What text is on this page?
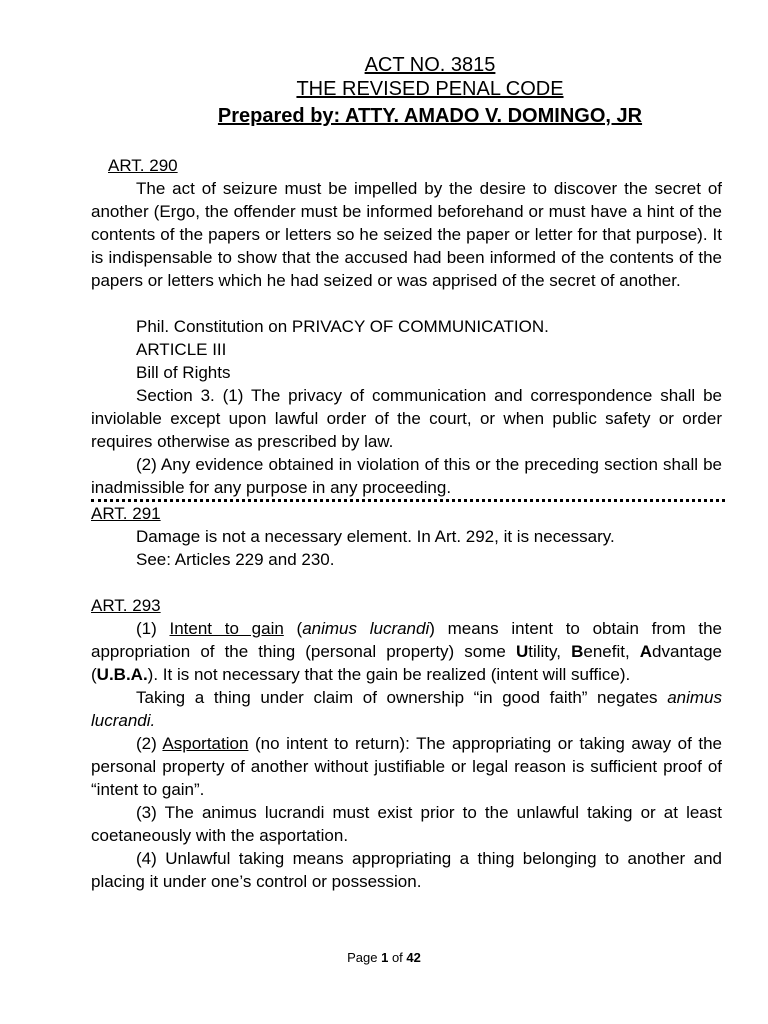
ACT NO. 3815
THE REVISED PENAL CODE
Prepared by: ATTY. AMADO V. DOMINGO, JR

ART. 290

The act of seizure must be impelled by the desire to discover the secret of another (Ergo, the offender must be informed beforehand or must have a hint of the contents of the papers or letters so he seized the paper or letter for that purpose). It is indispensable to show that the accused had been informed of the contents of the papers or letters which he had seized or was apprised of the secret of another.

Phil. Constitution on PRIVACY OF COMMUNICATION.

ARTICLE III

Bill of Rights

Section 3. (1) The privacy of communication and correspondence shall be inviolable except upon lawful order of the court, or when public safety or order requires otherwise as prescribed by law.

(2) Any evidence obtained in violation of this or the preceding section shall be inadmissible for any purpose in any proceeding.

ART. 291

Damage is not a necessary element. In Art. 292, it is necessary.

See: Articles 229 and 230.

ART. 293

(1) Intent to gain (animus lucrandi) means intent to obtain from the appropriation of the thing (personal property) some Utility, Benefit, Advantage (U.B.A.). It is not necessary that the gain be realized (intent will suffice).

Taking a thing under claim of ownership “in good faith” negates animus lucrandi.

(2) Asportation (no intent to return): The appropriating or taking away of the personal property of another without justifiable or legal reason is sufficient proof of “intent to gain”.

(3) The animus lucrandi must exist prior to the unlawful taking or at least coetaneously with the asportation.

(4) Unlawful taking means appropriating a thing belonging to another and placing it under one’s control or possession.

Page 1 of 42
